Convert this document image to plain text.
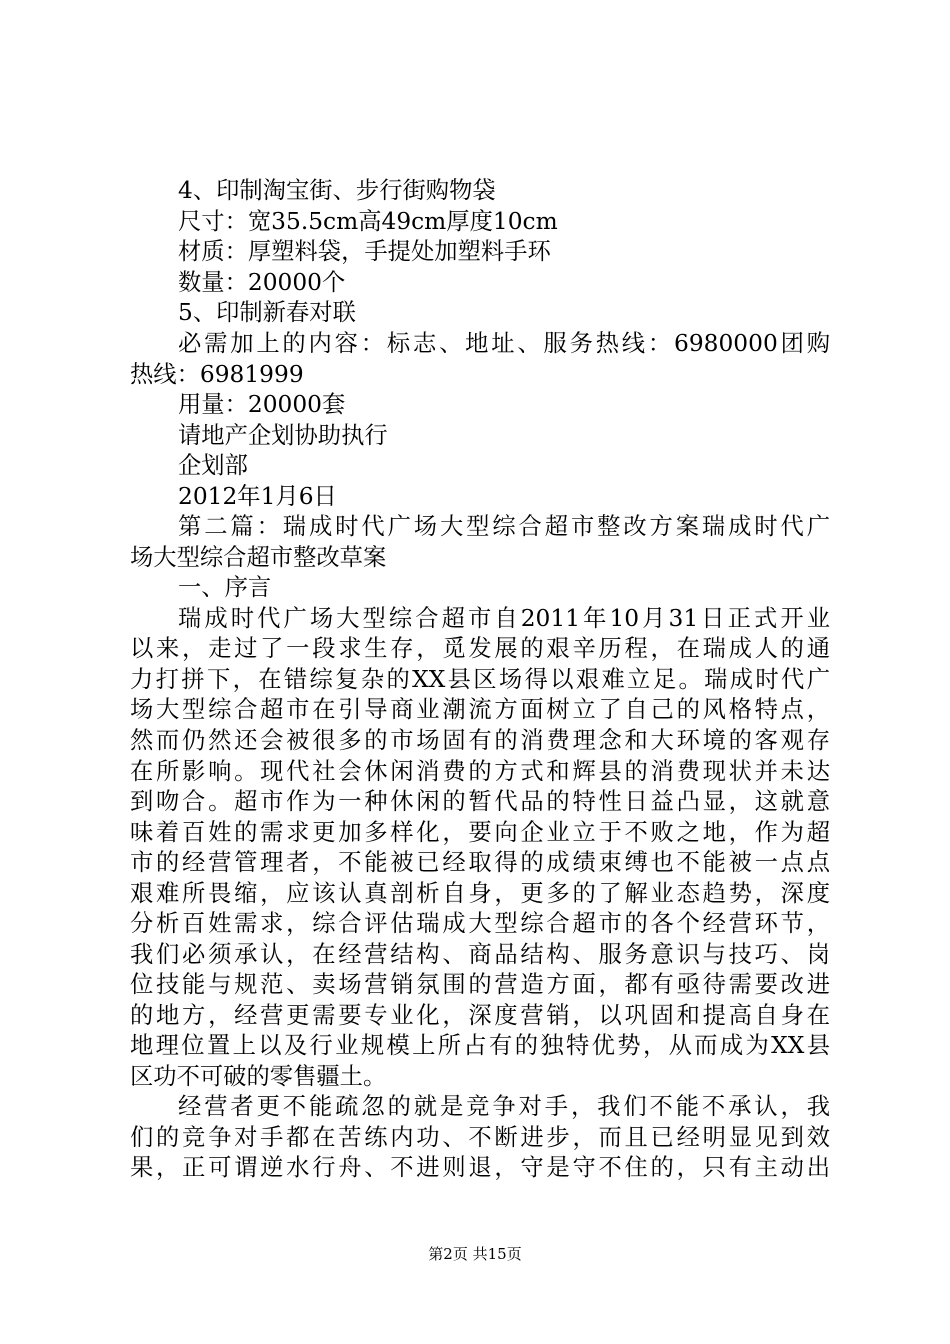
4、印制淘宝街、步行街购物袋
尺寸：宽35.5cm高49cm厚度10cm
材质：厚塑料袋，手提处加塑料手环
数量：20000个
5、印制新春对联
必需加上的内容：标志、地址、服务热线：6980000团购
热线：6981999
用量：20000套
请地产企划协助执行
企划部
2012年1月6日
第二篇：瑞成时代广场大型综合超市整改方案瑞成时代广
场大型综合超市整改草案
一、序言
瑞成时代广场大型综合超市自2011年10月31日正式开业
以来，走过了一段求生存，觅发展的艰辛历程，在瑞成人的通
力打拼下，在错综复杂的XX县区场得以艰难立足。瑞成时代广
场大型综合超市在引导商业潮流方面树立了自己的风格特点，
然而仍然还会被很多的市场固有的消费理念和大环境的客观存
在所影响。现代社会休闲消费的方式和辉县的消费现状并未达
到吻合。超市作为一种休闲的暂代品的特性日益凸显，这就意
味着百姓的需求更加多样化，要向企业立于不败之地，作为超
市的经营管理者，不能被已经取得的成绩束缚也不能被一点点
艰难所畏缩，应该认真剖析自身，更多的了解业态趋势，深度
分析百姓需求，综合评估瑞成大型综合超市的各个经营环节，
我们必须承认，在经营结构、商品结构、服务意识与技巧、岗
位技能与规范、卖场营销氛围的营造方面，都有亟待需要改进
的地方，经营更需要专业化，深度营销，以巩固和提高自身在
地理位置上以及行业规模上所占有的独特优势，从而成为XX县
区功不可破的零售疆土。
经营者更不能疏忽的就是竞争对手，我们不能不承认，我
们的竞争对手都在苦练内功、不断进步，而且已经明显见到效
果，正可谓逆水行舟、不进则退，守是守不住的，只有主动出
第2页 共15页
